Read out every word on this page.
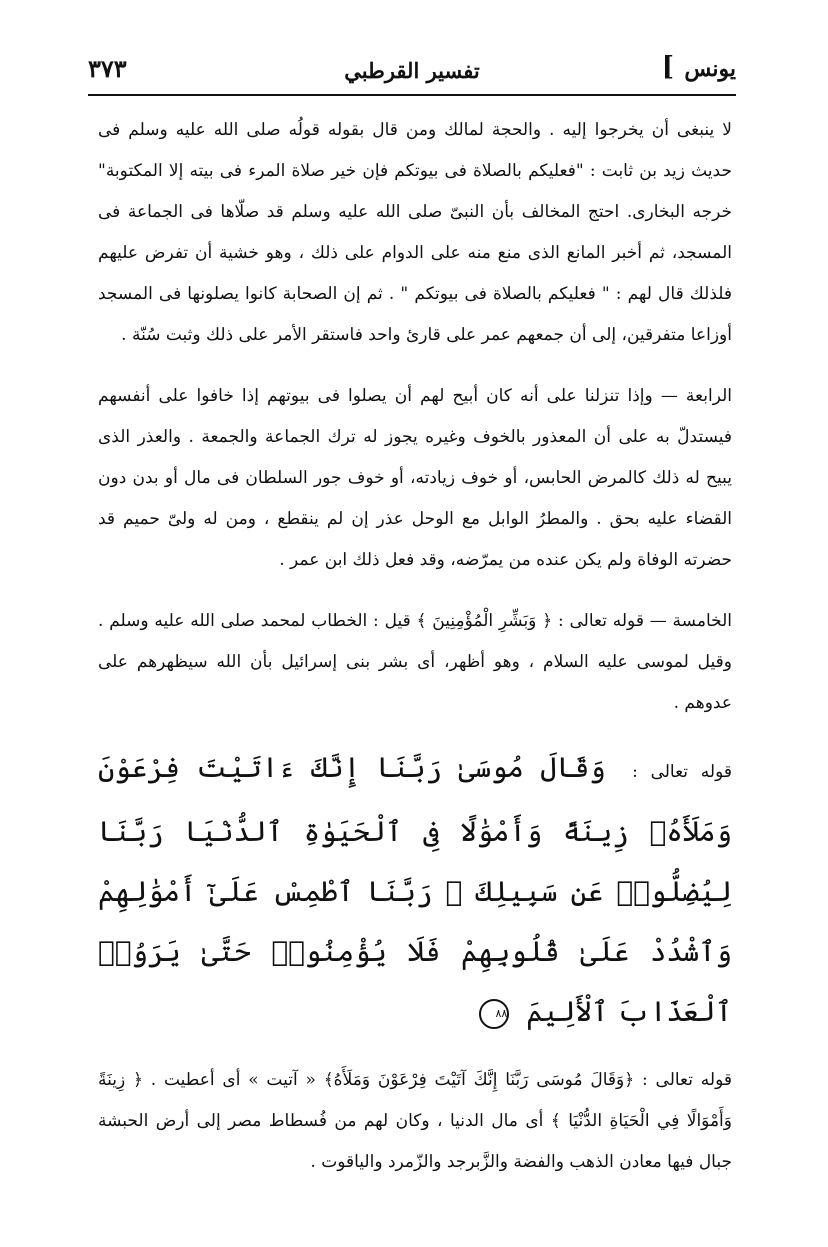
يونس
]
تفسير القرطبي
٣٧٣

لا ينبغى أن يخرجوا إليه . والحجة لمالك ومن قال بقوله قولُه صلى الله عليه وسلم فى حديث زيد بن ثابت : "فعليكم بالصلاة فى بيوتكم فإن خير صلاة المرء فى بيته إلا المكتوبة" خرجه البخارى. احتج المخالف بأن النبىّ صلى الله عليه وسلم قد صلّاها فى الجماعة فى المسجد، ثم أخبر المانع الذى منع منه على الدوام على ذلك ، وهو خشية أن تفرض عليهم فلذلك قال لهم : " فعليكم بالصلاة فى بيوتكم " . ثم إن الصحابة كانوا يصلونها فى المسجد أوزاعا متفرقين، إلى أن جمعهم عمر على قارئ واحد فاستقر الأمر على ذلك وثبت سُنّة .

الرابعة — وإذا تنزلنا على أنه كان أبيح لهم أن يصلوا فى بيوتهم إذا خافوا على أنفسهم فيستدلّ به على أن المعذور بالخوف وغيره يجوز له ترك الجماعة والجمعة . والعذر الذى يبيح له ذلك كالمرض الحابس، أو خوف زيادته، أو خوف جور السلطان فى مال أو بدن دون القضاء عليه بحق . والمطرُ الوابل مع الوحل عذر إن لم ينقطع ، ومن له ولىّ حميم قد حضرته الوفاة ولم يكن عنده من يمرّضه، وقد فعل ذلك ابن عمر .

الخامسة — قوله تعالى : ﴿ وَبَشِّرِ الْمُؤْمِنِينَ ﴾ قيل : الخطاب لمحمد صلى الله عليه وسلم . وقيل لموسى عليه السلام ، وهو أظهر، أى بشر بنى إسرائيل بأن الله سيظهرهم على عدوهم .

قوله تعالى : وَقَالَ مُوسَىٰ رَبَّنَا إِنَّكَ ءَاتَيْتَ فِرْعَوْنَ وَمَلَأَهُۥ زِينَةً وَأَمْوَٰلًا فِى ٱلْحَيَوٰةِ ٱلدُّنْيَا رَبَّنَا لِيُضِلُّوا۟ عَن سَبِيلِكَ ۖ رَبَّنَا ٱطْمِسْ عَلَىٰٓ أَمْوَٰلِهِمْ وَٱشْدُدْ عَلَىٰ قُلُوبِهِمْ فَلَا يُؤْمِنُوا۟ حَتَّىٰ يَرَوُا۟ ٱلْعَذَابَ ٱلْأَلِيمَ ٨٨

قوله تعالى : ﴿وَقَالَ مُوسَى رَبَّنَا إِنَّكَ آتَيْتَ فِرْعَوْنَ وَمَلَأَهُ﴾ « آتيت » أى أعطيت . ﴿ زِينَةً وَأَمْوَالًا فِي الْحَيَاةِ الدُّنْيَا ﴾ أى مال الدنيا ، وكان لهم من فُسطاط مصر إلى أرض الحبشة جبال فيها معادن الذهب والفضة والزَّبرجد والزّمرد والياقوت .
